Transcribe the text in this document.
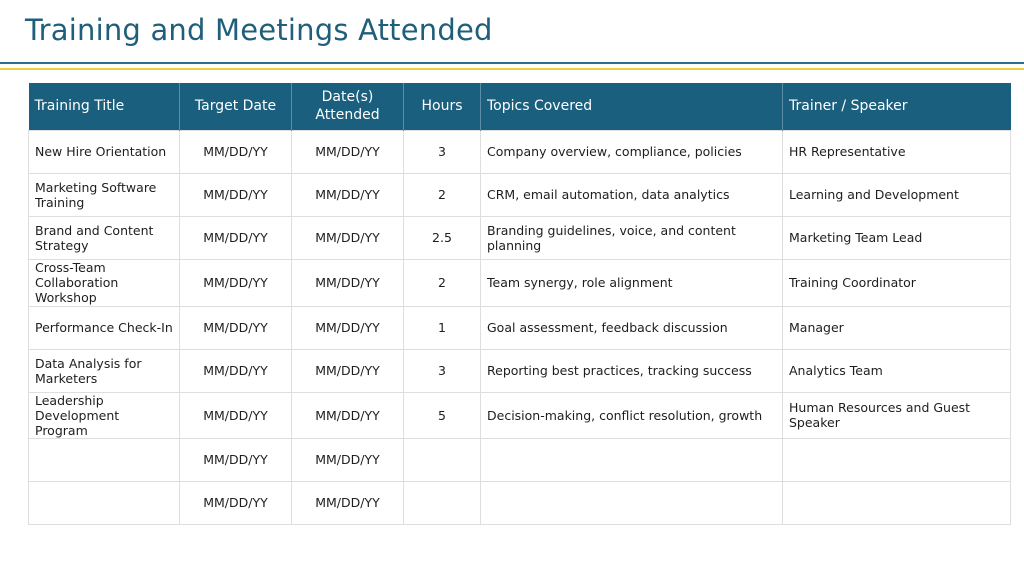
Training and Meetings Attended
Training Title	Target Date	Date(s) Attended	Hours	Topics Covered	Trainer / Speaker
New Hire Orientation	MM/DD/YY	MM/DD/YY	3	Company overview, compliance, policies	HR Representative
Marketing Software Training	MM/DD/YY	MM/DD/YY	2	CRM, email automation, data analytics	Learning and Development
Brand and Content Strategy	MM/DD/YY	MM/DD/YY	2.5	Branding guidelines, voice, and content planning	Marketing Team Lead
Cross-Team Collaboration Workshop	MM/DD/YY	MM/DD/YY	2	Team synergy, role alignment	Training Coordinator
Performance Check-In	MM/DD/YY	MM/DD/YY	1	Goal assessment, feedback discussion	Manager
Data Analysis for Marketers	MM/DD/YY	MM/DD/YY	3	Reporting best practices, tracking success	Analytics Team
Leadership Development Program	MM/DD/YY	MM/DD/YY	5	Decision-making, conflict resolution, growth	Human Resources and Guest Speaker
	MM/DD/YY	MM/DD/YY			
	MM/DD/YY	MM/DD/YY			
